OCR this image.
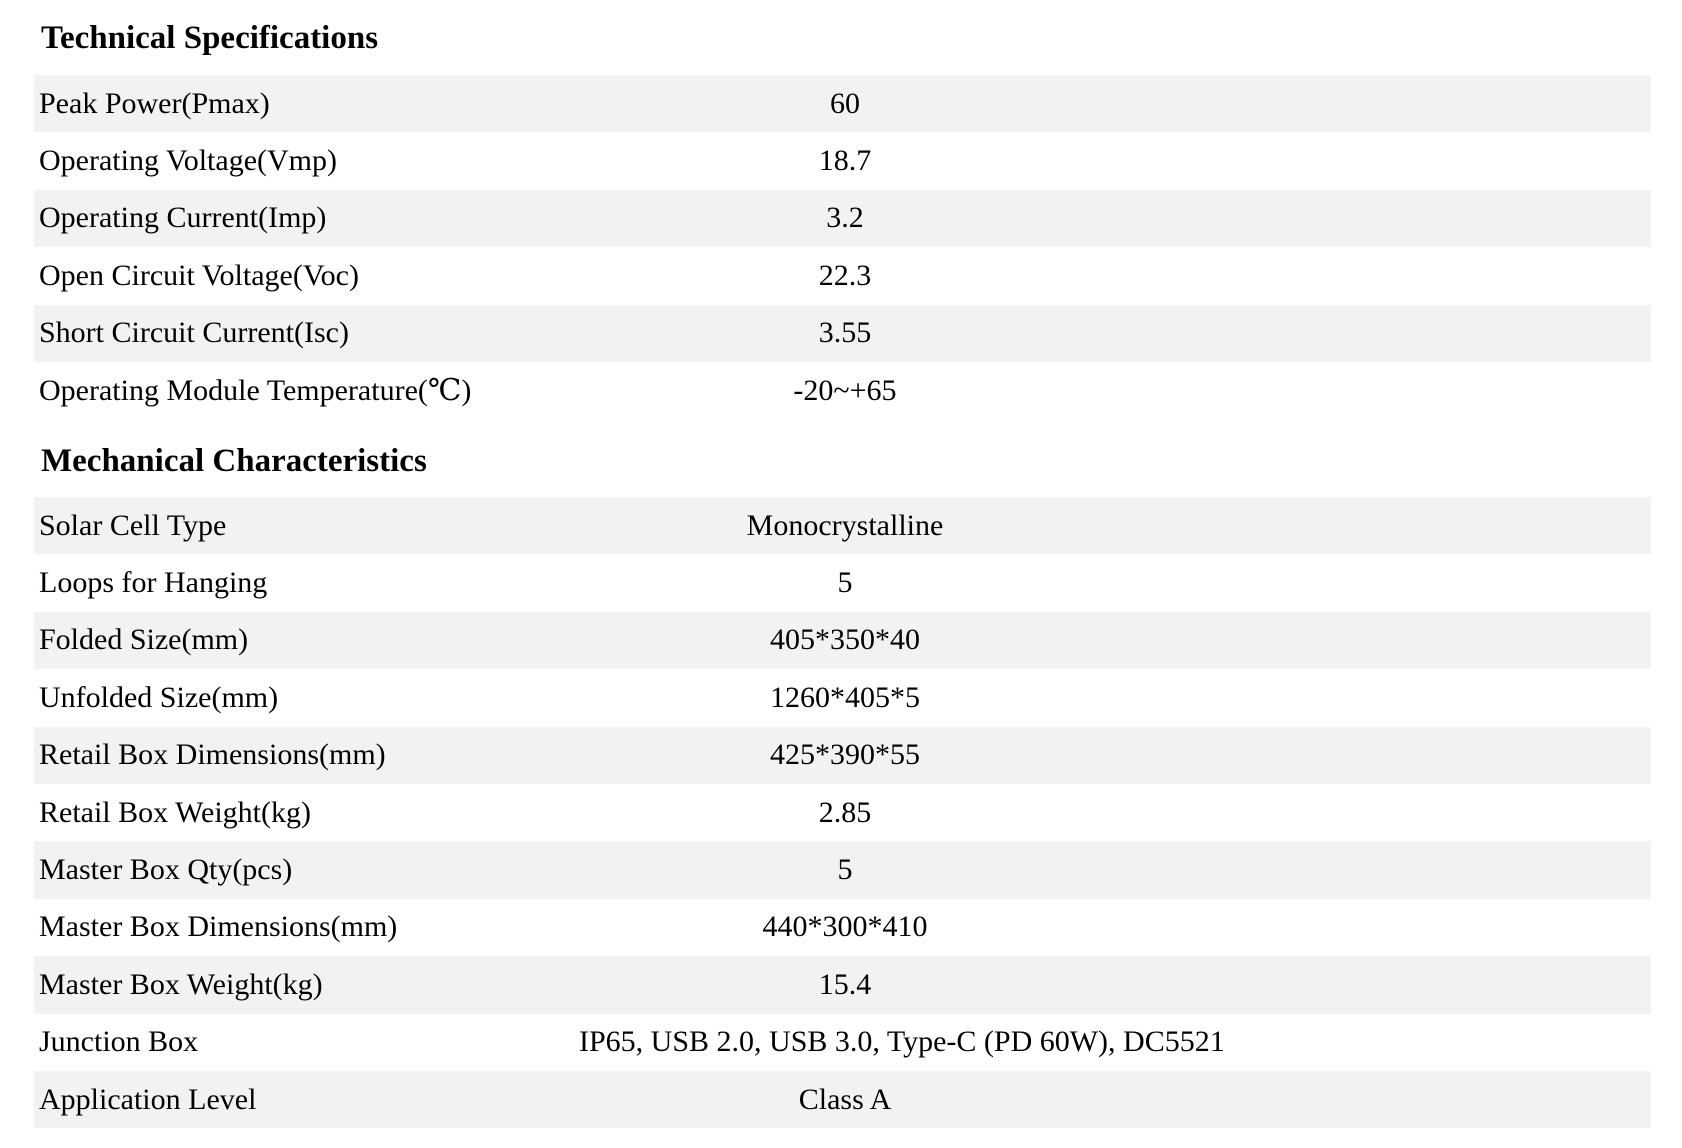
Technical Specifications
Peak Power(Pmax)	60
Operating Voltage(Vmp)	18.7
Operating Current(Imp)	3.2
Open Circuit Voltage(Voc)	22.3
Short Circuit Current(Isc)	3.55
Operating Module Temperature(℃)	-20~+65
Mechanical Characteristics
Solar Cell Type	Monocrystalline
Loops for Hanging	5
Folded Size(mm)	405*350*40
Unfolded Size(mm)	1260*405*5
Retail Box Dimensions(mm)	425*390*55
Retail Box Weight(kg)	2.85
Master Box Qty(pcs)	5
Master Box Dimensions(mm)	440*300*410
Master Box Weight(kg)	15.4
Junction Box	IP65, USB 2.0, USB 3.0, Type-C (PD 60W), DC5521
Application Level	Class A
